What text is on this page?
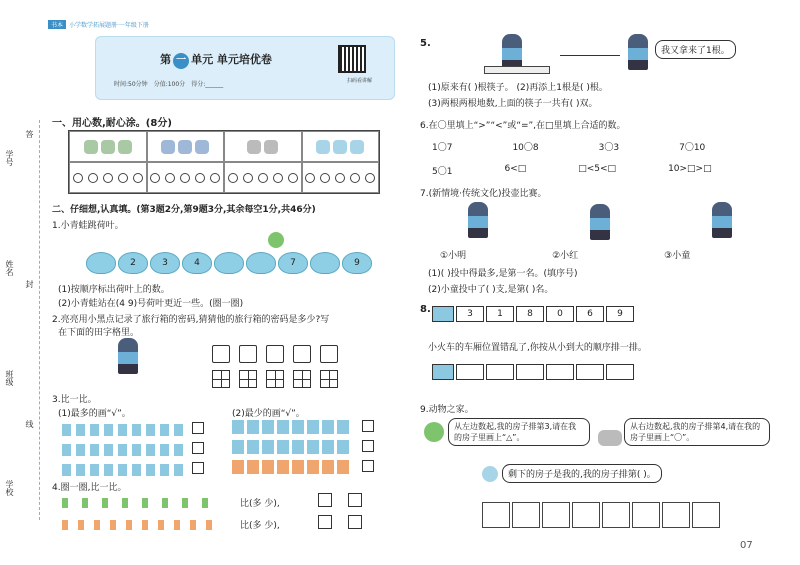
书本 小学数学拓展题册·一年级下册
第 一 单元 单元培优卷
时间:50分钟　 分值:100分　 得分:______	扫码看讲解
学号
姓名
班级
学校
答
封
线
一、用心数,耐心涂。(8分)
二、仔细想,认真填。(第3题2分,第9题3分,其余每空1分,共46分)
1.小青蛙跳荷叶。
2	3	4	7	9
(1)按顺序标出荷叶上的数。
(2)小青蛙站在(4 9)号荷叶更近一些。(圈一圈)
2.亮亮用小黑点记录了旅行箱的密码,猜猜他的旅行箱的密码是多少?写
在下面的田字格里。
3.比一比。
(1)最多的画“√”。	(2)最少的画“√”。
4.圈一圈,比一比。
比(多 少),
比(多 少),
5.
我又拿来了1根。
(1)原来有( )根筷子。 (2)再添上1根是( )根。
(3)两根两根地数,上面的筷子一共有( )双。
6.在〇里填上“>”“<”或“=”,在□里填上合适的数。
1〇7	10〇8	3〇3	7〇10
5〇1	6<□	□<5<□	10>□>□
7.(新情境·传统文化)投壶比赛。
①小明	②小红	③小童
(1)( )投中得最多,是第一名。(填序号)
(2)小童投中了( )支,是第( )名。
8.	3	1	8	0	6	9
小火车的车厢位置错乱了,你按从小到大的顺序排一排。
9.动物之家。
从左边数起,我的房子排第3,请在我的房子里画上“△”。
从右边数起,我的房子排第4,请在我的房子里画上“〇”。
剩下的房子是我的,我的房子排第( )。
07
